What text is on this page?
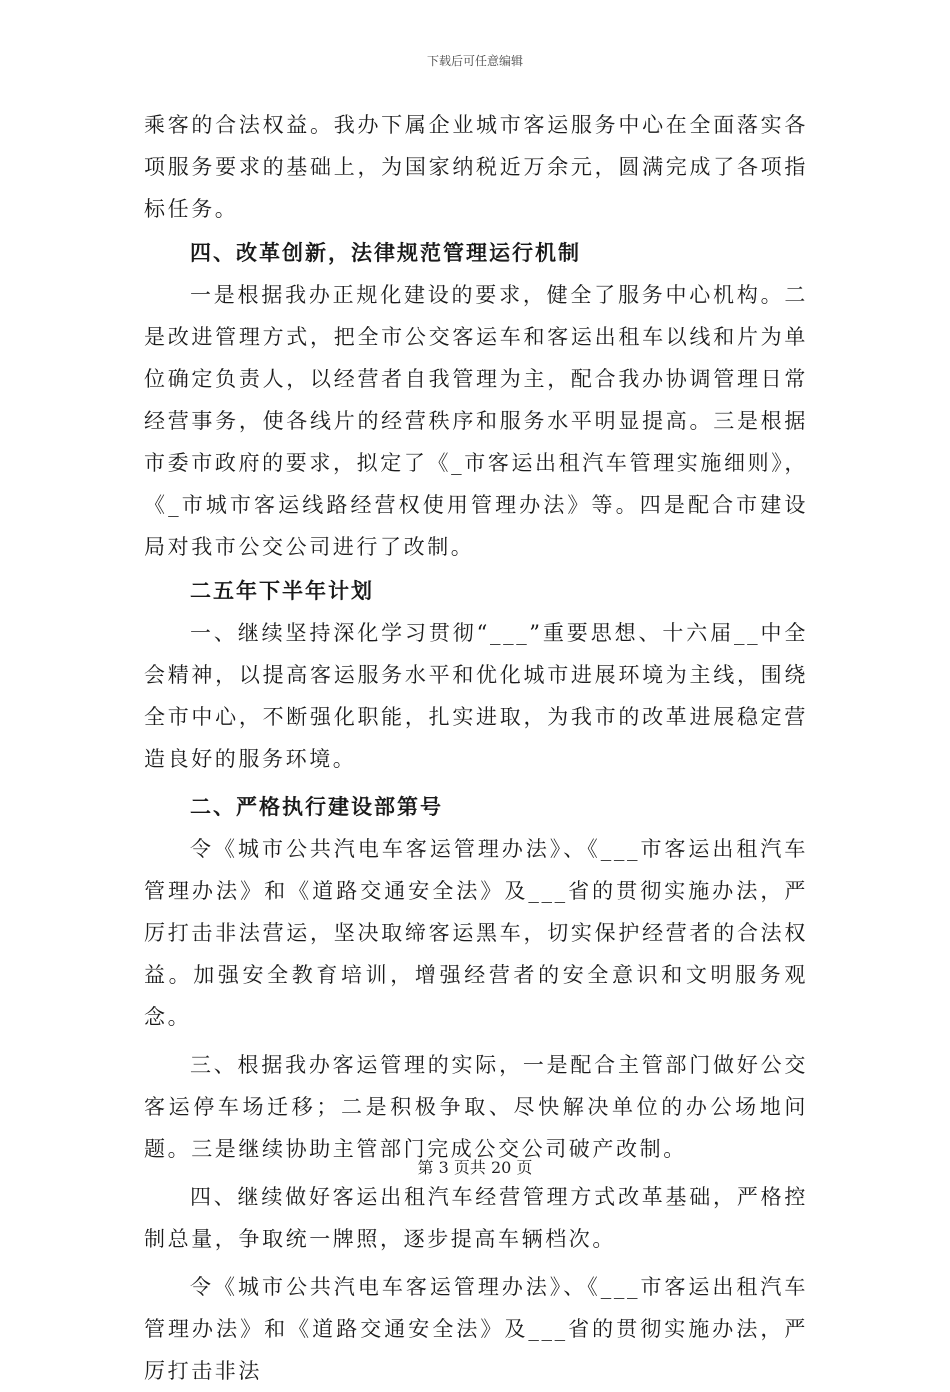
下载后可任意编辑

乘客的合法权益。我办下属企业城市客运服务中心在全面落实各项服务要求的基础上，为国家纳税近万余元，圆满完成了各项指标任务。

四、改革创新，法律规范管理运行机制

一是根据我办正规化建设的要求，健全了服务中心机构。二是改进管理方式，把全市公交客运车和客运出租车以线和片为单位确定负责人，以经营者自我管理为主，配合我办协调管理日常经营事务，使各线片的经营秩序和服务水平明显提高。三是根据市委市政府的要求，拟定了《_市客运出租汽车管理实施细则》，《_市城市客运线路经营权使用管理办法》等。四是配合市建设局对我市公交公司进行了改制。

二五年下半年计划

一、继续坚持深化学习贯彻“___”重要思想、十六届__中全会精神，以提高客运服务水平和优化城市进展环境为主线，围绕全市中心，不断强化职能，扎实进取，为我市的改革进展稳定营造良好的服务环境。

二、严格执行建设部第号

令《城市公共汽电车客运管理办法》、《___市客运出租汽车管理办法》和《道路交通安全法》及___省的贯彻实施办法，严厉打击非法营运，坚决取缔客运黑车，切实保护经营者的合法权益。加强安全教育培训，增强经营者的安全意识和文明服务观念。

三、根据我办客运管理的实际，一是配合主管部门做好公交客运停车场迁移；二是积极争取、尽快解决单位的办公场地问题。三是继续协助主管部门完成公交公司破产改制。

四、继续做好客运出租汽车经营管理方式改革基础，严格控制总量，争取统一牌照，逐步提高车辆档次。

令《城市公共汽电车客运管理办法》、《___市客运出租汽车管理办法》和《道路交通安全法》及___省的贯彻实施办法，严厉打击非法

第 3 页共 20 页
